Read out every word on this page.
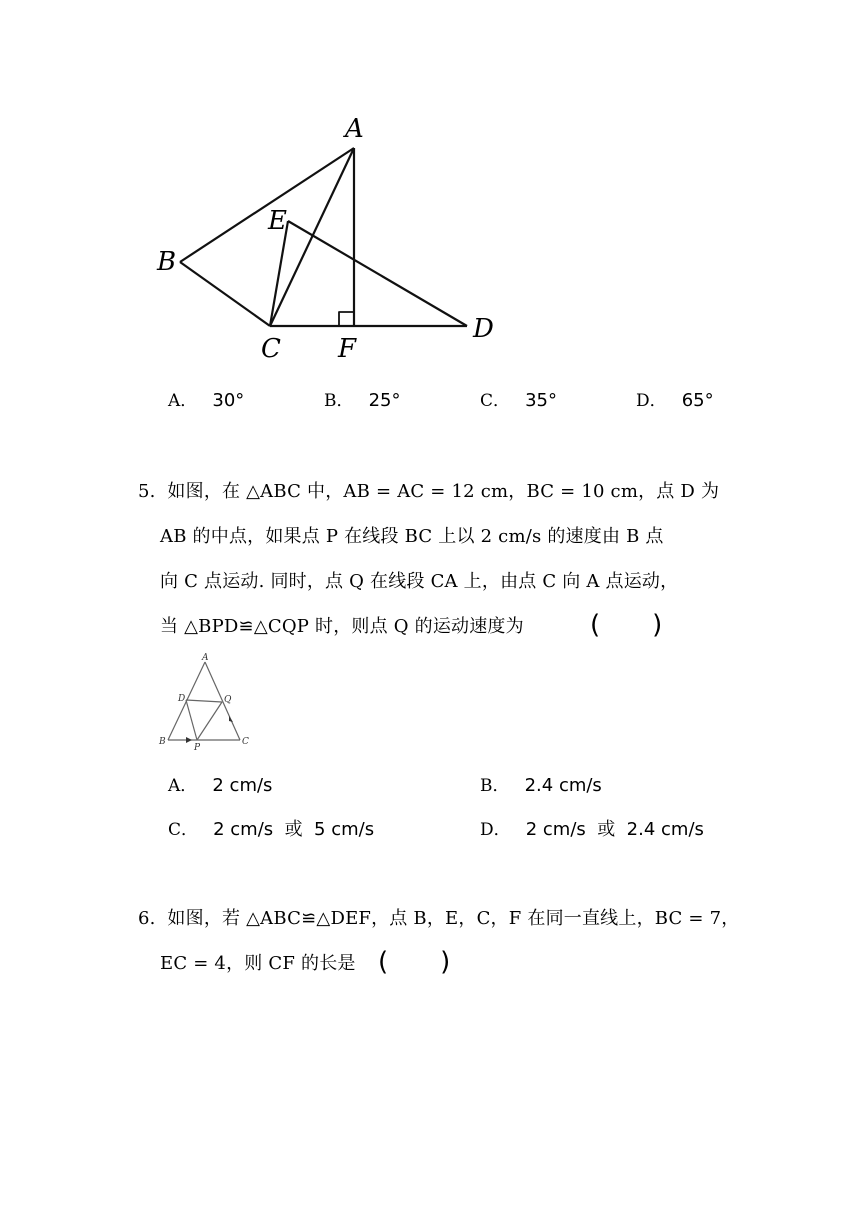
A
B
C
D
E
F
A． 30°	B． 25°	C． 35°	D． 65°
5.  如图，在 △ABC 中，AB = AC = 12 cm，BC = 10 cm，点 D 为
AB 的中点，如果点 P 在线段 BC 上以 2 cm/s 的速度由 B 点
向 C 点运动. 同时，点 Q 在线段 CA 上，由点 C 向 A 点运动，
当 △BPD≌△CQP 时，则点 Q 的运动速度为	(　　)
A
B	C
D
P
Q
A． 2 cm/s	B． 2.4 cm/s
C． 2 cm/s  或  5 cm/s	D． 2 cm/s  或  2.4 cm/s
6.  如图，若 △ABC≌△DEF，点 B，E，C，F 在同一直线上，BC = 7，
EC = 4，则 CF 的长是 (　　)
